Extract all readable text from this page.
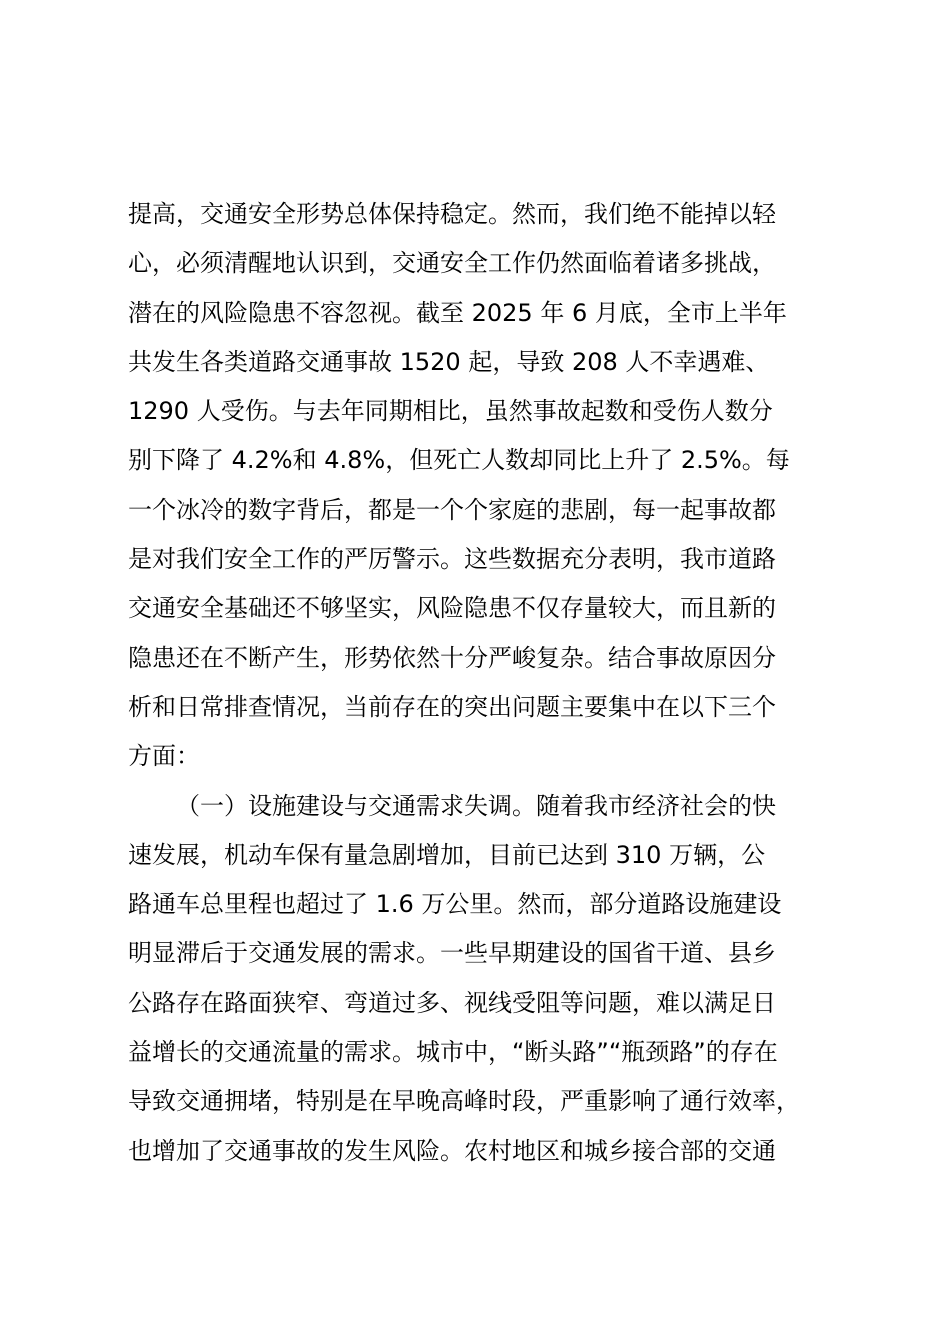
提高，交通安全形势总体保持稳定。然而，我们绝不能掉以轻
心，必须清醒地认识到，交通安全工作仍然面临着诸多挑战，
潜在的风险隐患不容忽视。截至 2025 年 6 月底，全市上半年
共发生各类道路交通事故 1520 起，导致 208 人不幸遇难、
1290 人受伤。与去年同期相比，虽然事故起数和受伤人数分
别下降了 4.2%和 4.8%，但死亡人数却同比上升了 2.5%。每
一个冰冷的数字背后，都是一个个家庭的悲剧，每一起事故都
是对我们安全工作的严厉警示。这些数据充分表明，我市道路
交通安全基础还不够坚实，风险隐患不仅存量较大，而且新的
隐患还在不断产生，形势依然十分严峻复杂。结合事故原因分
析和日常排查情况，当前存在的突出问题主要集中在以下三个
方面：
（一）设施建设与交通需求失调。随着我市经济社会的快
速发展，机动车保有量急剧增加，目前已达到 310 万辆，公
路通车总里程也超过了 1.6 万公里。然而，部分道路设施建设
明显滞后于交通发展的需求。一些早期建设的国省干道、县乡
公路存在路面狭窄、弯道过多、视线受阻等问题，难以满足日
益增长的交通流量的需求。城市中，“断头路”“瓶颈路”的存在
导致交通拥堵，特别是在早晚高峰时段，严重影响了通行效率，
也增加了交通事故的发生风险。农村地区和城乡接合部的交通
